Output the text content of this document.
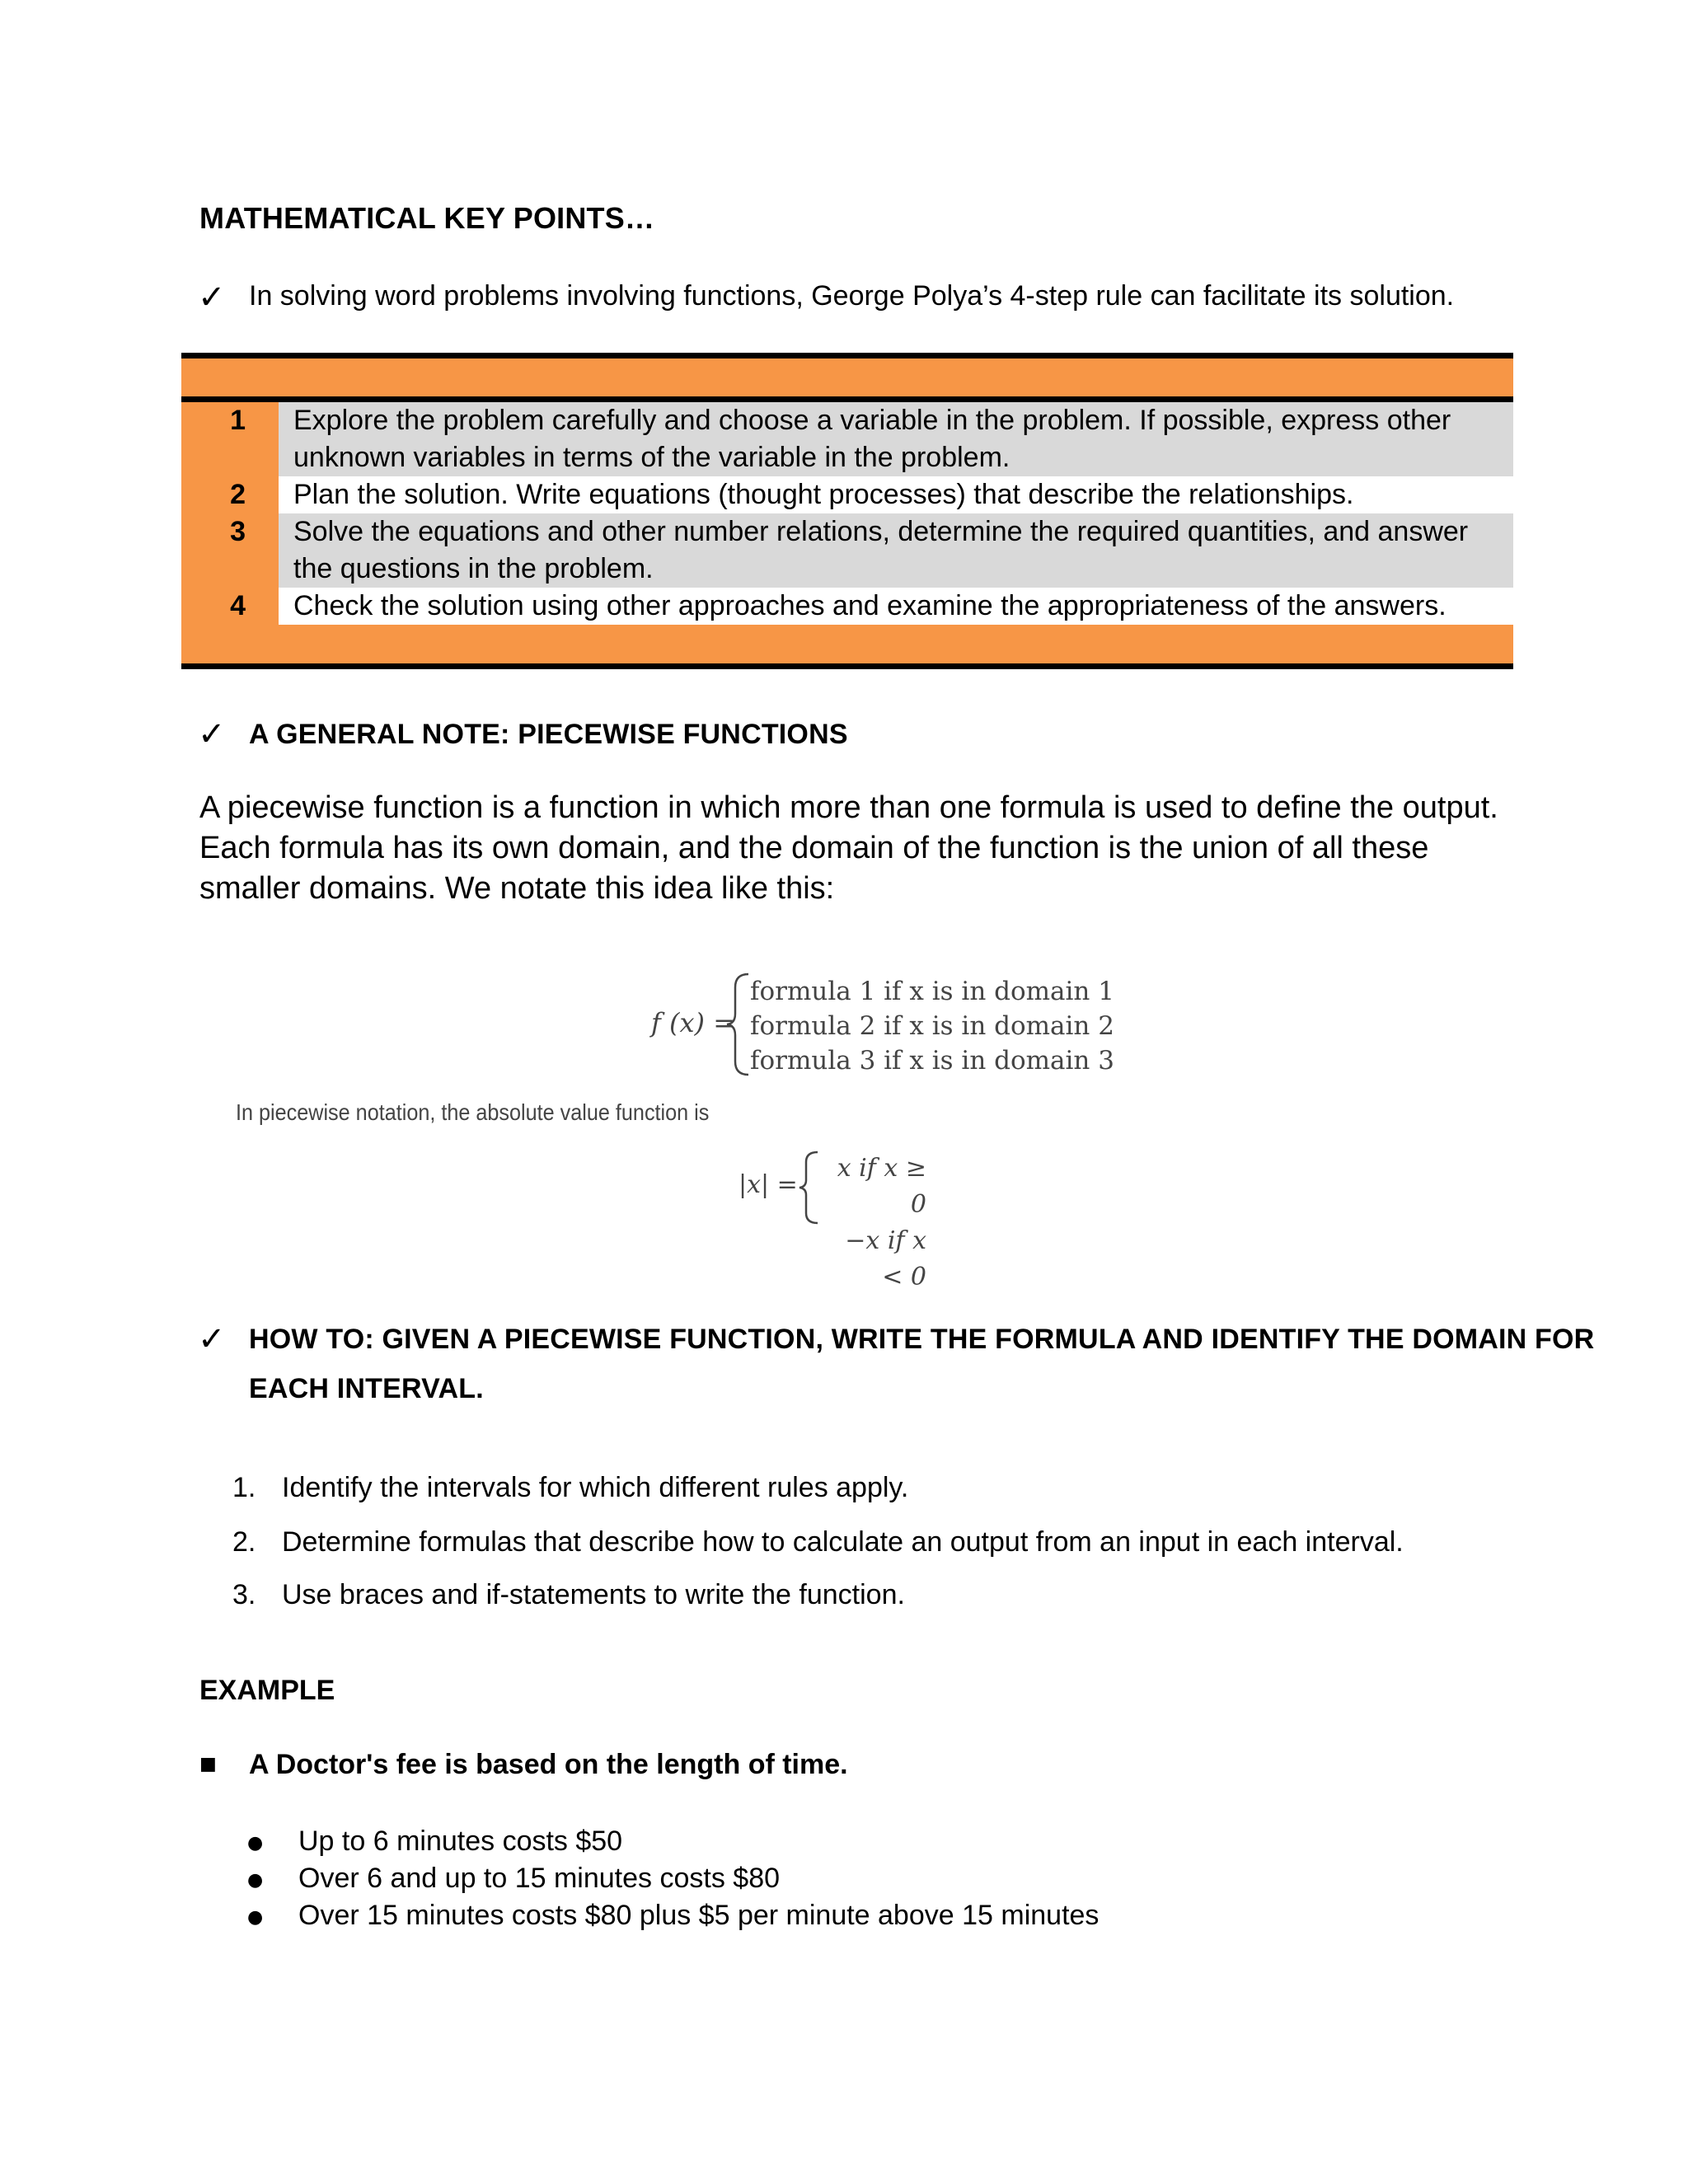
MATHEMATICAL KEY POINTS…
✓ In solving word problems involving functions, George Polya’s 4-step rule can facilitate its solution.
1	Explore the problem carefully and choose a variable in the problem. If possible, express other
unknown variables in terms of the variable in the problem.
2	Plan the solution. Write equations (thought processes) that describe the relationships.
3	Solve the equations and other number relations, determine the required quantities, and answer
the questions in the problem.
4	Check the solution using other approaches and examine the appropriateness of the answers.
✓ A GENERAL NOTE: PIECEWISE FUNCTIONS
A piecewise function is a function in which more than one formula is used to define the output.
Each formula has its own domain, and the domain of the function is the union of all these
smaller domains. We notate this idea like this:
f (x) =
formula 1 if x is in domain 1
formula 2 if x is in domain 2
formula 3 if x is in domain 3
In piecewise notation, the absolute value function is
|x| =
x if x ≥ 0
−x if x < 0
✓ HOW TO: GIVEN A PIECEWISE FUNCTION, WRITE THE FORMULA AND IDENTIFY THE DOMAIN FOR
EACH INTERVAL.
1. Identify the intervals for which different rules apply.
2. Determine formulas that describe how to calculate an output from an input in each interval.
3. Use braces and if-statements to write the function.
EXAMPLE
■ A Doctor's fee is based on the length of time.
● Up to 6 minutes costs $50
● Over 6 and up to 15 minutes costs $80
● Over 15 minutes costs $80 plus $5 per minute above 15 minutes
